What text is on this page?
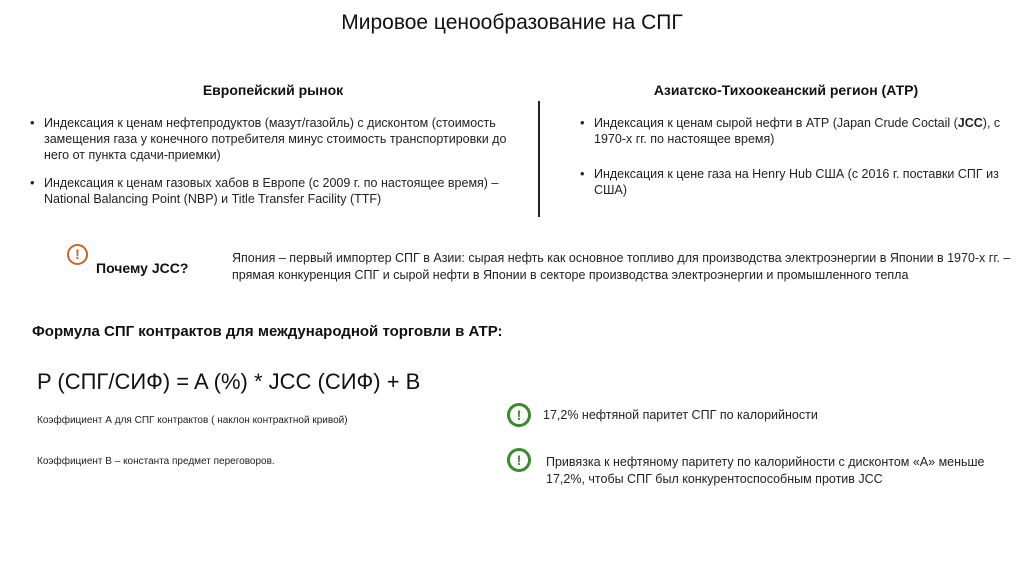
Мировое ценообразование на СПГ
Европейский рынок
• Индексация к ценам нефтепродуктов (мазут/газойль) с дисконтом (стоимость замещения газа у конечного потребителя минус стоимость транспортировки до него от пункта сдачи-приемки)
• Индексация к ценам газовых хабов в Европе (с 2009 г. по настоящее время) – National Balancing Point (NBP) и Title Transfer Facility (TTF)
Азиатско-Тихоокеанский регион (АТР)
• Индексация к ценам сырой нефти в АТР (Japan Crude Coctail (JCC), с 1970-х гг. по настоящее время)
• Индексация к цене газа на Henry Hub США (с 2016 г. поставки СПГ из США)
!
Почему JCC?
Япония – первый импортер СПГ в Азии: сырая нефть как основное топливо для производства электроэнергии в Японии в 1970-х гг. – прямая конкуренция СПГ и сырой нефти в Японии в секторе производства электроэнергии и промышленного тепла
Формула СПГ контрактов для международной торговли в АТР:
P (СПГ/СИФ) = A (%) * JCC (СИФ) + B
Коэффициент А для СПГ контрактов ( наклон контрактной кривой)
Коэффициент В – константа предмет переговоров.
!	17,2% нефтяной паритет СПГ по калорийности
!	Привязка к нефтяному паритету по калорийности с дисконтом «А» меньше 17,2%, чтобы СПГ был конкурентоспособным против JCC
